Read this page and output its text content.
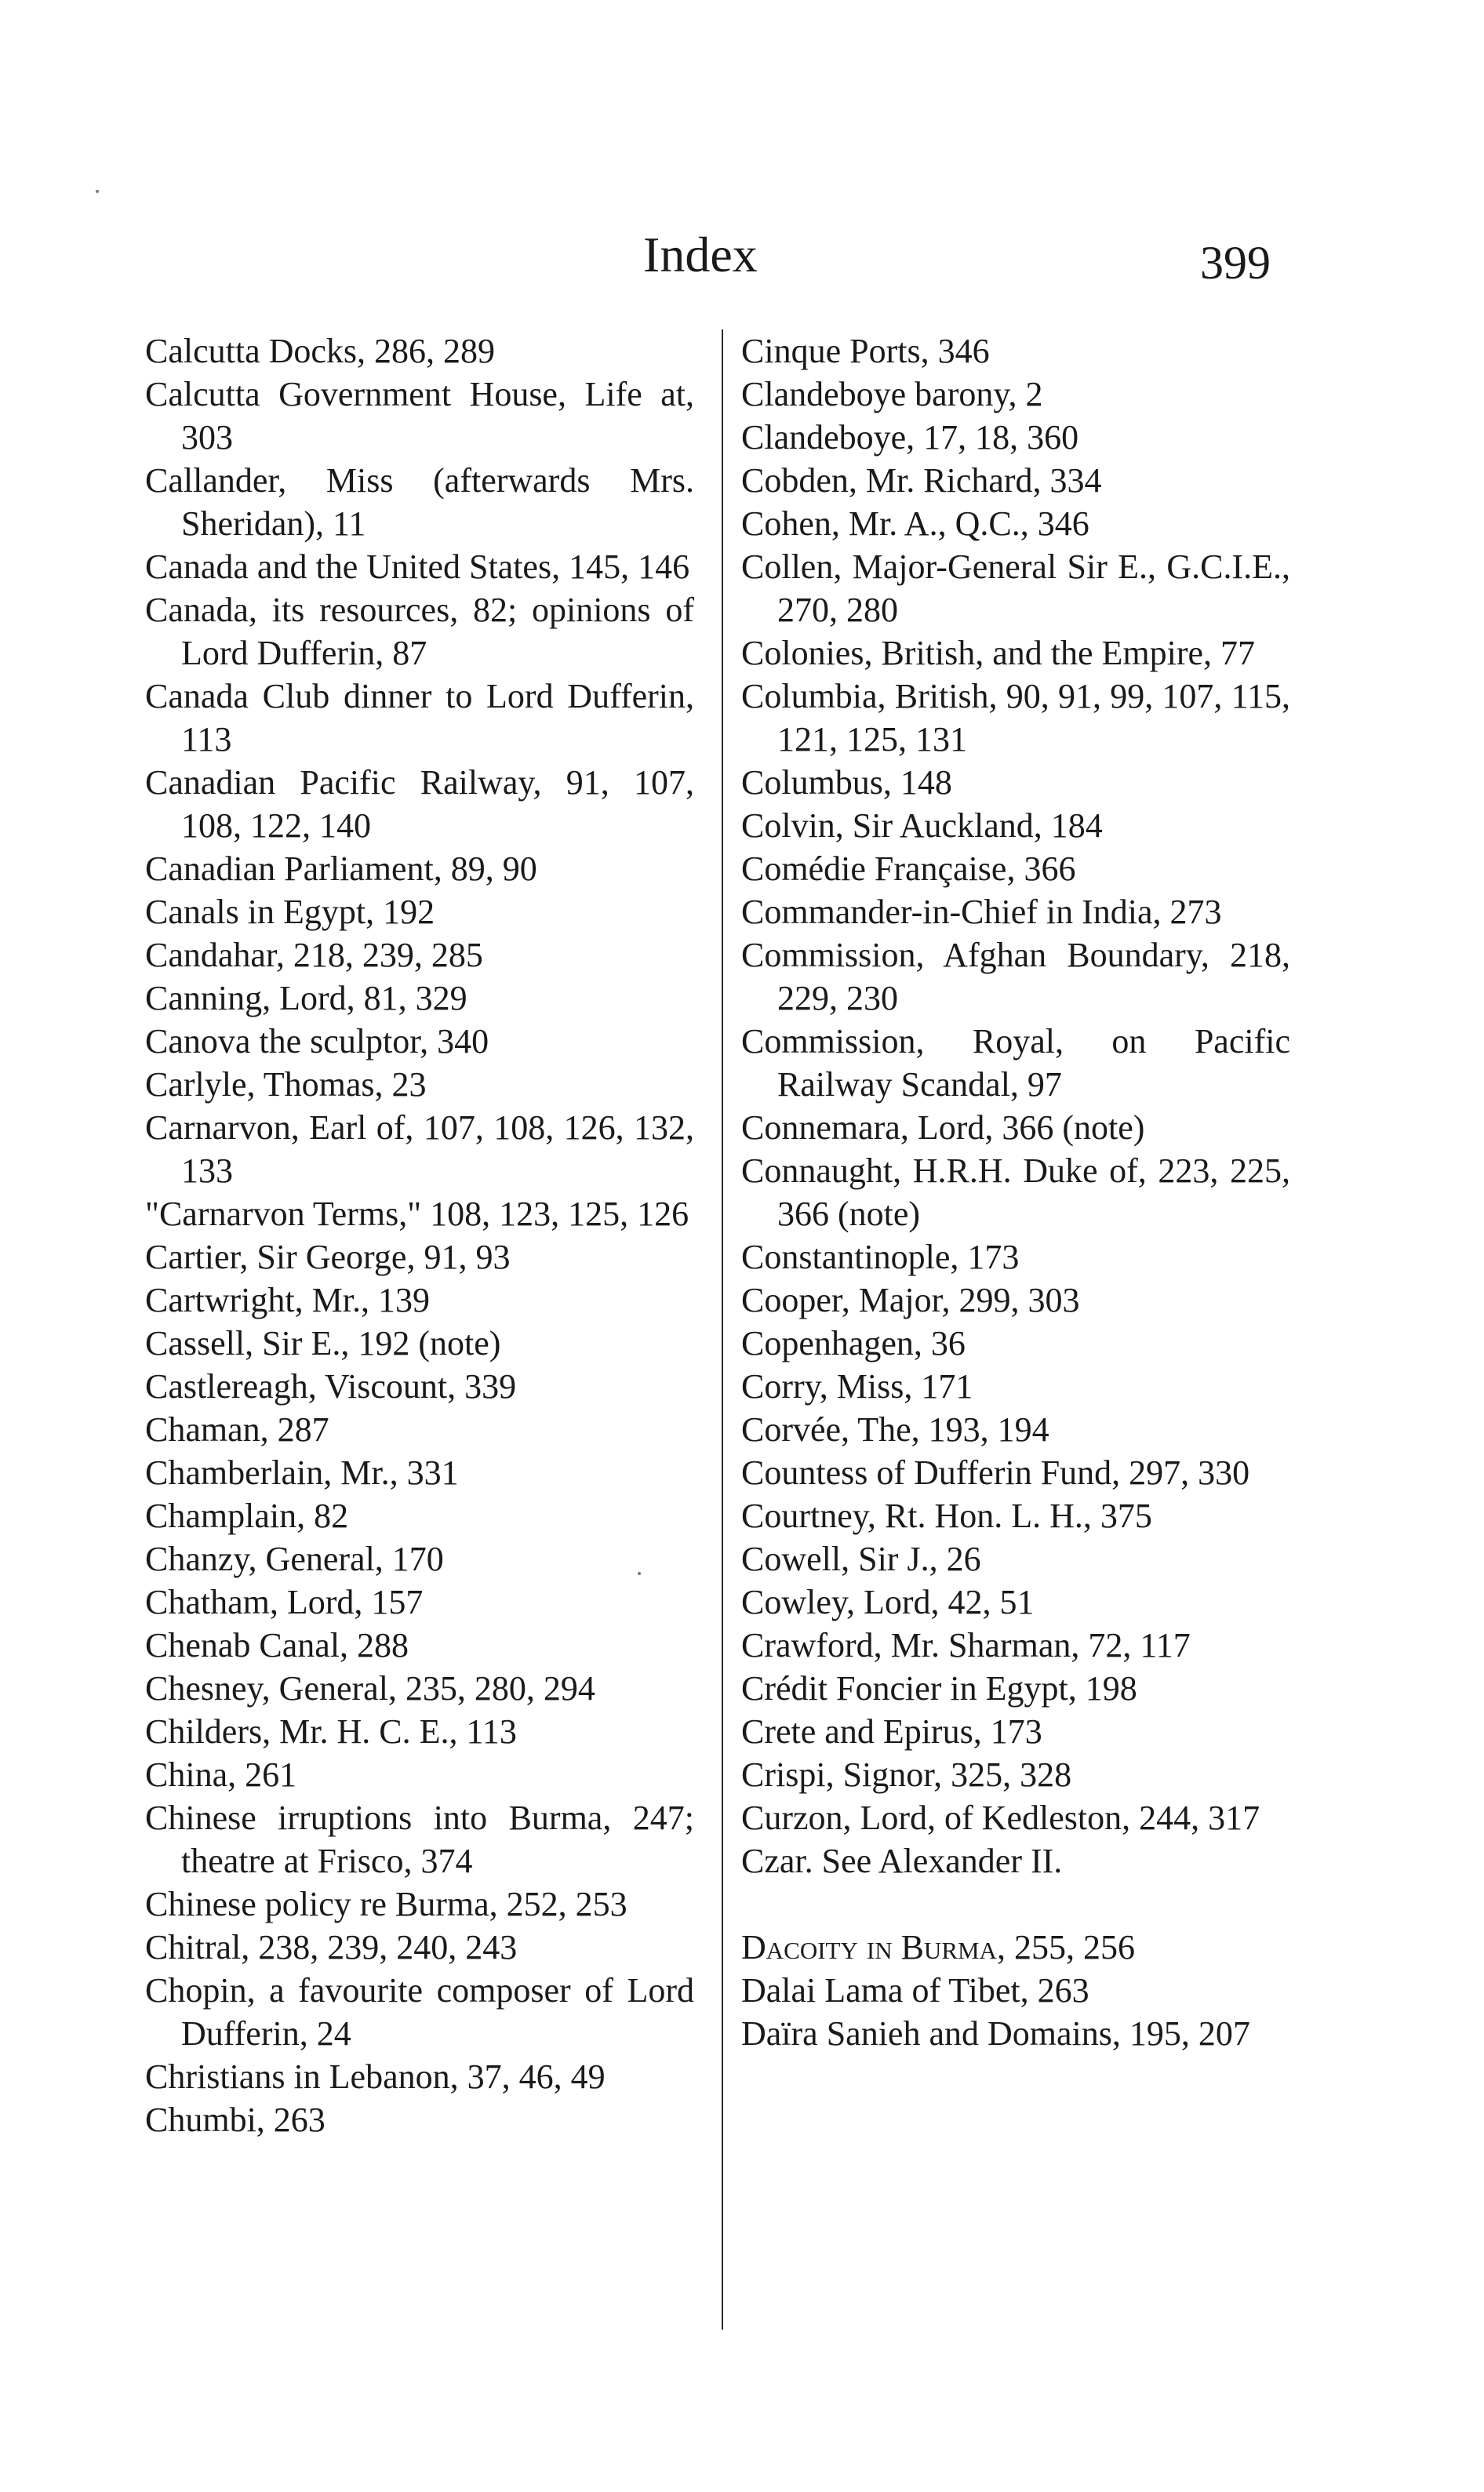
Index	399
Calcutta Docks, 286, 289
Calcutta Government House, Life at, 303
Callander, Miss (afterwards Mrs. Sheridan), 11
Canada and the United States, 145, 146
Canada, its resources, 82; opinions of Lord Dufferin, 87
Canada Club dinner to Lord Dufferin, 113
Canadian Pacific Railway, 91, 107, 108, 122, 140
Canadian Parliament, 89, 90
Canals in Egypt, 192
Candahar, 218, 239, 285
Canning, Lord, 81, 329
Canova the sculptor, 340
Carlyle, Thomas, 23
Carnarvon, Earl of, 107, 108, 126, 132, 133
"Carnarvon Terms," 108, 123, 125, 126
Cartier, Sir George, 91, 93
Cartwright, Mr., 139
Cassell, Sir E., 192 (note)
Castlereagh, Viscount, 339
Chaman, 287
Chamberlain, Mr., 331
Champlain, 82
Chanzy, General, 170
Chatham, Lord, 157
Chenab Canal, 288
Chesney, General, 235, 280, 294
Childers, Mr. H. C. E., 113
China, 261
Chinese irruptions into Burma, 247; theatre at Frisco, 374
Chinese policy re Burma, 252, 253
Chitral, 238, 239, 240, 243
Chopin, a favourite composer of Lord Dufferin, 24
Christians in Lebanon, 37, 46, 49
Chumbi, 263
Cinque Ports, 346
Clandeboye barony, 2
Clandeboye, 17, 18, 360
Cobden, Mr. Richard, 334
Cohen, Mr. A., Q.C., 346
Collen, Major-General Sir E., G.C.I.E., 270, 280
Colonies, British, and the Empire, 77
Columbia, British, 90, 91, 99, 107, 115, 121, 125, 131
Columbus, 148
Colvin, Sir Auckland, 184
Comédie Française, 366
Commander-in-Chief in India, 273
Commission, Afghan Boundary, 218, 229, 230
Commission, Royal, on Pacific Railway Scandal, 97
Connemara, Lord, 366 (note)
Connaught, H.R.H. Duke of, 223, 225, 366 (note)
Constantinople, 173
Cooper, Major, 299, 303
Copenhagen, 36
Corry, Miss, 171
Corvée, The, 193, 194
Countess of Dufferin Fund, 297, 330
Courtney, Rt. Hon. L. H., 375
Cowell, Sir J., 26
Cowley, Lord, 42, 51
Crawford, Mr. Sharman, 72, 117
Crédit Foncier in Egypt, 198
Crete and Epirus, 173
Crispi, Signor, 325, 328
Curzon, Lord, of Kedleston, 244, 317
Czar. See Alexander II.
Dacoity in Burma, 255, 256
Dalai Lama of Tibet, 263
Daïra Sanieh and Domains, 195, 207
